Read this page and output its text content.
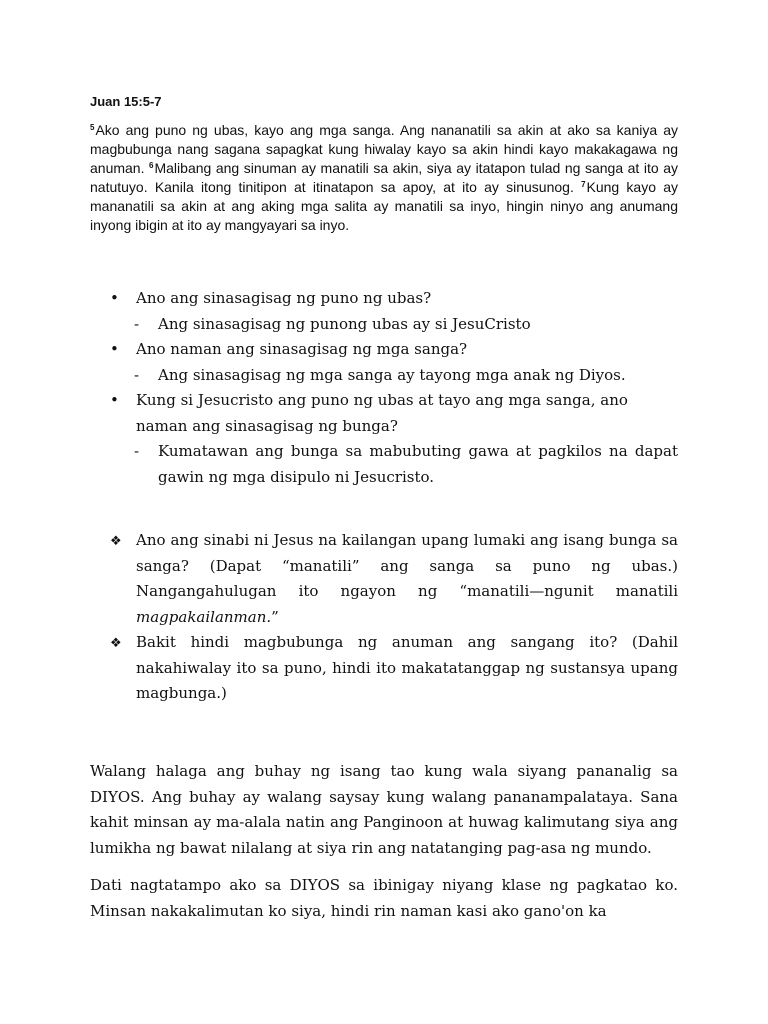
Juan 15:5-7
$^5$Ako ang puno ng ubas, kayo ang mga sanga. Ang nananatili sa akin at ako sa kaniya ay magbubunga nang sagana sapagkat kung hiwalay kayo sa akin hindi kayo makakagawa ng anuman. $^6$Malibang ang sinuman ay manatili sa akin, siya ay itatapon tulad ng sanga at ito ay natutuyo. Kanila itong tinitipon at itinatapon sa apoy, at ito ay sinusunog. $^7$Kung kayo ay mananatili sa akin at ang aking mga salita ay manatili sa inyo, hingin ninyo ang anumang inyong ibigin at ito ay mangyayari sa inyo.
• Ano ang sinasagisag ng puno ng ubas?
- Ang sinasagisag ng punong ubas ay si JesuCristo
• Ano naman ang sinasagisag ng mga sanga?
- Ang sinasagisag ng mga sanga ay tayong mga anak ng Diyos.
• Kung si Jesucristo ang puno ng ubas at tayo ang mga sanga, ano naman ang sinasagisag ng bunga?
- Kumatawan ang bunga sa mabubuting gawa at pagkilos na dapat gawin ng mga disipulo ni Jesucristo.
❖ Ano ang sinabi ni Jesus na kailangan upang lumaki ang isang bunga sa sanga? (Dapat “manatili” ang sanga sa puno ng ubas.) Nangangahulugan ito ngayon ng “manatili—ngunit manatili magpakailanman.”
❖ Bakit hindi magbubunga ng anuman ang sangang ito? (Dahil nakahiwalay ito sa puno, hindi ito makatatanggap ng sustansya upang magbunga.)

Walang halaga ang buhay ng isang tao kung wala siyang pananalig sa DIYOS. Ang buhay ay walang saysay kung walang pananampalataya. Sana kahit minsan ay ma-alala natin ang Panginoon at huwag kalimutang siya ang lumikha ng bawat nilalang at siya rin ang natatanging pag-asa ng mundo.

Dati nagtatampo ako sa DIYOS sa ibinigay niyang klase ng pagkatao ko. Minsan nakakalimutan ko siya, hindi rin naman kasi ako gano'on ka
